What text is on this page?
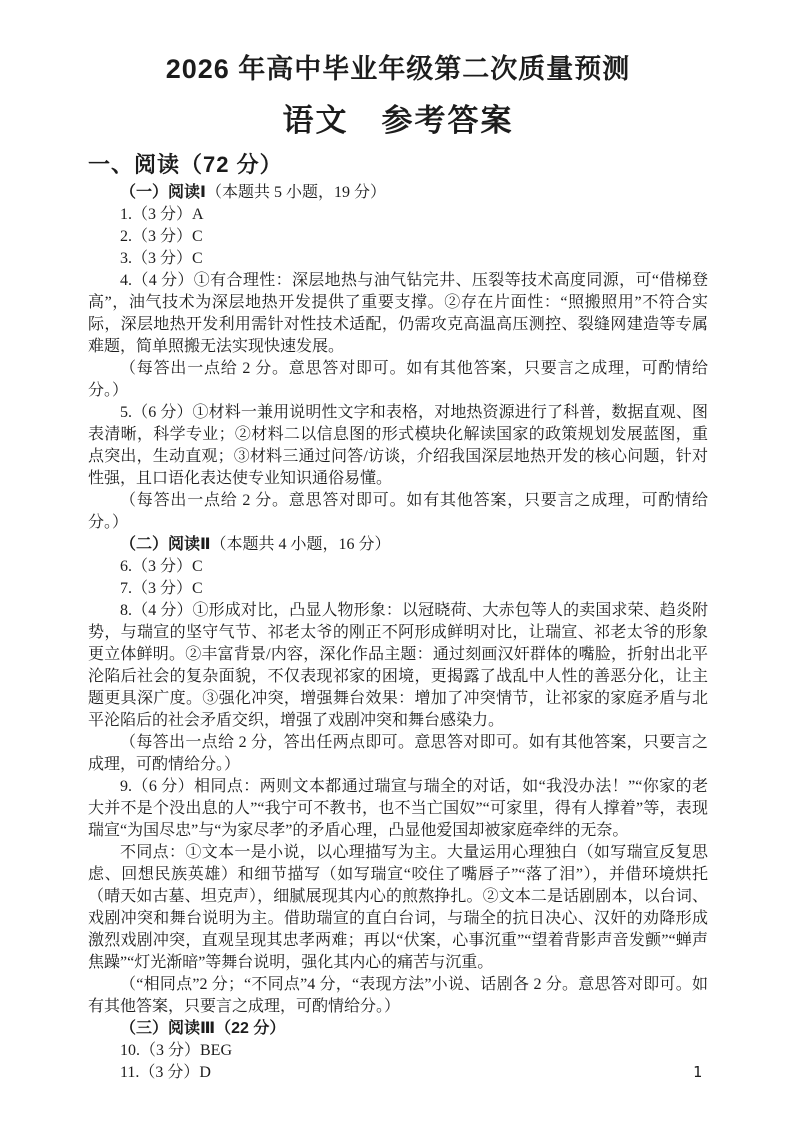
2026 年高中毕业年级第二次质量预测
语文　参考答案
一、阅读（72 分）
（一）阅读Ⅰ（本题共 5 小题，19 分）
1.（3 分）A
2.（3 分）C
3.（3 分）C

4.（4 分）①有合理性：深层地热与油气钻完井、压裂等技术高度同源，可“借梯登高”，油气技术为深层地热开发提供了重要支撑。②存在片面性：“照搬照用”不符合实际，深层地热开发利用需针对性技术适配，仍需攻克高温高压测控、裂缝网建造等专属难题，简单照搬无法实现快速发展。

（每答出一点给 2 分。意思答对即可。如有其他答案，只要言之成理，可酌情给分。）

5.（6 分）①材料一兼用说明性文字和表格，对地热资源进行了科普，数据直观、图表清晰，科学专业；②材料二以信息图的形式模块化解读国家的政策规划发展蓝图，重点突出，生动直观；③材料三通过问答/访谈，介绍我国深层地热开发的核心问题，针对性强，且口语化表达使专业知识通俗易懂。

（每答出一点给 2 分。意思答对即可。如有其他答案，只要言之成理，可酌情给分。）

（二）阅读Ⅱ（本题共 4 小题，16 分）
6.（3 分）C
7.（3 分）C

8.（4 分）①形成对比，凸显人物形象：以冠晓荷、大赤包等人的卖国求荣、趋炎附势，与瑞宣的坚守气节、祁老太爷的刚正不阿形成鲜明对比，让瑞宣、祁老太爷的形象更立体鲜明。②丰富背景/内容，深化作品主题：通过刻画汉奸群体的嘴脸，折射出北平沦陷后社会的复杂面貌，不仅表现祁家的困境，更揭露了战乱中人性的善恶分化，让主题更具深广度。③强化冲突，增强舞台效果：增加了冲突情节，让祁家的家庭矛盾与北平沦陷后的社会矛盾交织，增强了戏剧冲突和舞台感染力。

（每答出一点给 2 分，答出任两点即可。意思答对即可。如有其他答案，只要言之成理，可酌情给分。）

9.（6 分）相同点：两则文本都通过瑞宣与瑞全的对话，如“我没办法！”“你家的老大并不是个没出息的人”“我宁可不教书，也不当亡国奴”“可家里，得有人撑着”等，表现瑞宣“为国尽忠”与“为家尽孝”的矛盾心理，凸显他爱国却被家庭牵绊的无奈。

不同点：①文本一是小说，以心理描写为主。大量运用心理独白（如写瑞宣反复思虑、回想民族英雄）和细节描写（如写瑞宣“咬住了嘴唇子”“落了泪”），并借环境烘托（晴天如古墓、坦克声），细腻展现其内心的煎熬挣扎。②文本二是话剧剧本，以台词、戏剧冲突和舞台说明为主。借助瑞宣的直白台词，与瑞全的抗日决心、汉奸的劝降形成激烈戏剧冲突，直观呈现其忠孝两难；再以“伏案，心事沉重”“望着背影声音发颤”“蝉声焦躁”“灯光渐暗”等舞台说明，强化其内心的痛苦与沉重。

（“相同点”2 分；“不同点”4 分，“表现方法”小说、话剧各 2 分。意思答对即可。如有其他答案，只要言之成理，可酌情给分。）

（三）阅读Ⅲ（22 分）
10.（3 分）BEG
11.（3 分）D	1
